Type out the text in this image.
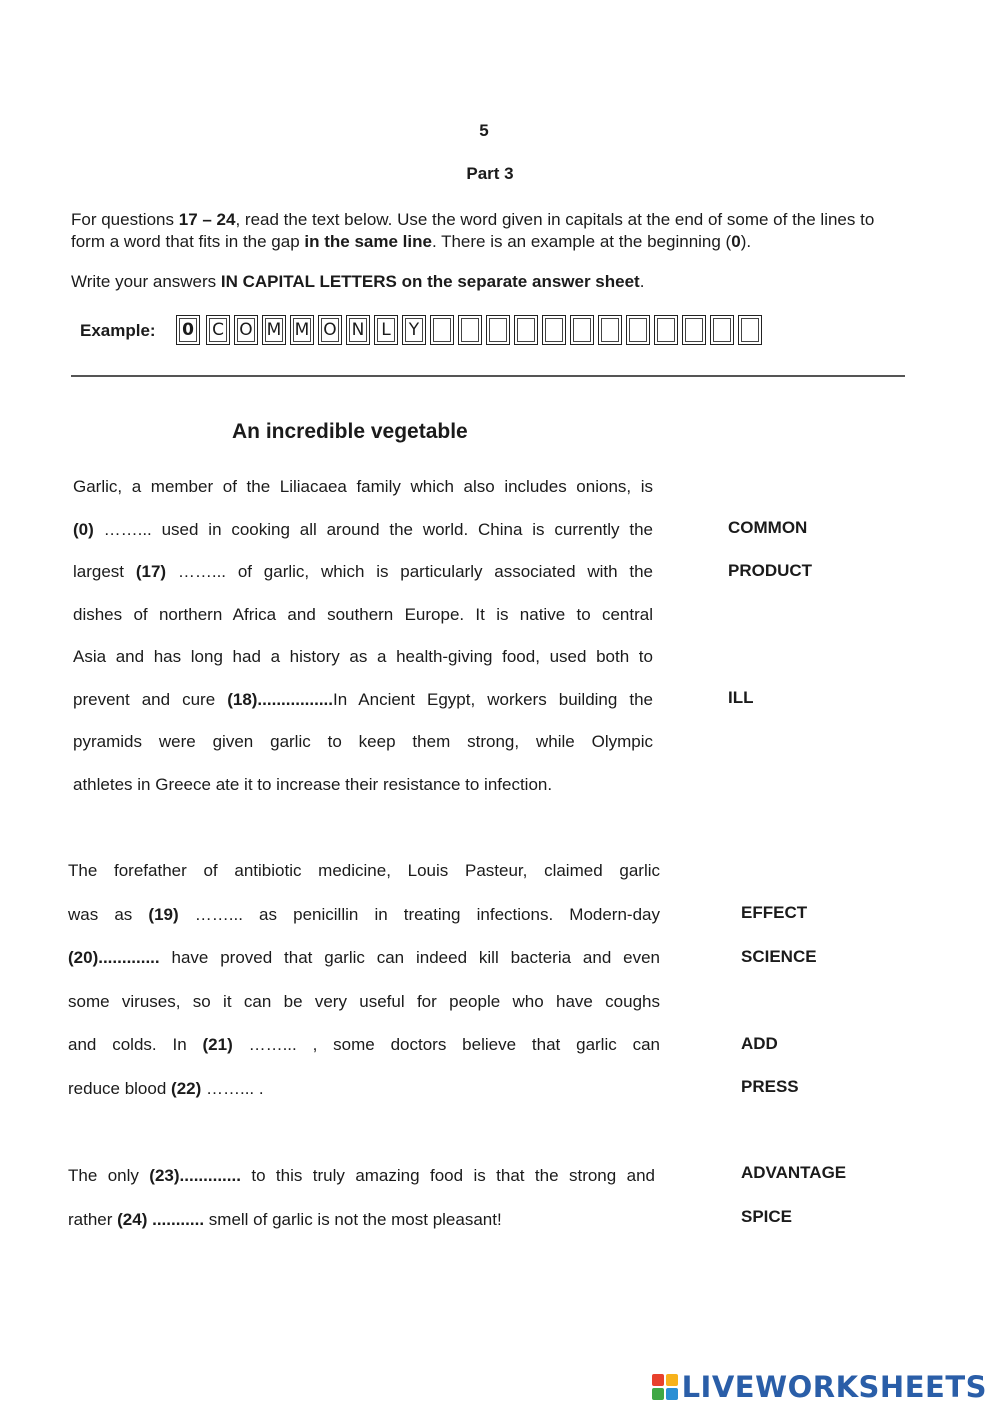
5
Part 3
For questions 17 – 24, read the text below. Use the word given in capitals at the end of some of the lines to form a word that fits in the gap in the same line. There is an example at the beginning (0).
Write your answers IN CAPITAL LETTERS on the separate answer sheet.
Example:	0	C O M M O N L	Y
An incredible vegetable
Garlic, a member of the Liliacaea family which also includes onions, is
(0) ……... used in cooking all around the world. China is currently the
largest (17) ……... of garlic, which is particularly associated with the
dishes of northern Africa and southern Europe. It is native to central
Asia and has long had a history as a health-giving food, used both to
prevent and cure (18)................In Ancient Egypt, workers building the
pyramids were given garlic to keep them strong, while Olympic
athletes in Greece ate it to increase their resistance to infection.
COMMON
PRODUCT
ILL
The forefather of antibiotic medicine, Louis Pasteur, claimed garlic
was as (19) ……... as penicillin in treating infections. Modern-day
(20)............. have proved that garlic can indeed kill bacteria and even
some viruses, so it can be very useful for people who have coughs
and colds. In (21) ……... , some doctors believe that garlic can
reduce blood (22) ……... .
EFFECT
SCIENCE
ADD
PRESS
The only (23)............. to this truly amazing food is that the strong and
rather (24) ........... smell of garlic is not the most pleasant!
ADVANTAGE
SPICE
LIVEWORKSHEETS
